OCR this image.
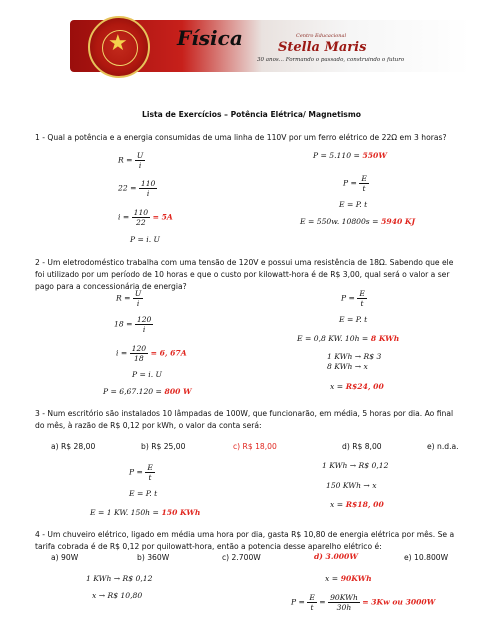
★ Física	Centro Educacional
Stella Maris
30 anos... Formando o passado, construindo o futuro
Lista de Exercícios – Potência Elétrica/ Magnetismo
1 - Qual a potência e a energia consumidas de uma linha de 110V por um ferro elétrico de 22Ω em 3 horas?
$R = \frac{U}{i}$
$22 = \frac{110}{i}$
$i = \frac{110}{22} = 5A$
P = i. U
P = 5.110 = 550W
$P = \frac{E}{t}$
E = P. t
E = 550w. 10800s = 5940 KJ
2 - Um eletrodoméstico trabalha com uma tensão de 120V e possui uma resistência de 18Ω. Sabendo que ele foi utilizado por um período de 10 horas e que o custo por kilowatt-hora é de R$ 3,00, qual será o valor a ser pago para a concessionária de energia?
$R = \frac{U}{i}$
$18 = \frac{120}{i}$
$i = \frac{120}{18} = 6$, 67A
P = i. U
P = 6,67.120 = 800 W
$P = \frac{E}{t}$
E = P. t
E = 0,8 KW. 10h = 8 KWh
1 KWh → R$ 3
8 KWh → x
x = R$24, 00
3 - Num escritório são instalados 10 lâmpadas de 100W, que funcionarão, em média, 5 horas por dia. Ao final do mês, à razão de R$ 0,12 por kWh, o valor da conta será:
a) R$ 28,00	b) R$ 25,00	c) R$ 18,00	d) R$ 8,00	e) n.d.a.
$P = \frac{E}{t}$
E = P. t
E = 1 KW. 150h = 150 KWh
1 KWh → R$ 0,12
150 KWh → x
x = R$18, 00
4 - Um chuveiro elétrico, ligado em média uma hora por dia, gasta R$ 10,80 de energia elétrica por mês. Se a tarifa cobrada é de R$ 0,12 por quilowatt-hora, então a potencia desse aparelho elétrico é:
a) 90W	b) 360W	c) 2.700W	d) 3.000W	e) 10.800W
1 KWh → R$ 0,12
x → R$ 10,80
x = 90KWh
$P = \frac{E}{t} = \frac{\text{90KWh}}{30h} = 3Kw$ ou 3000W
